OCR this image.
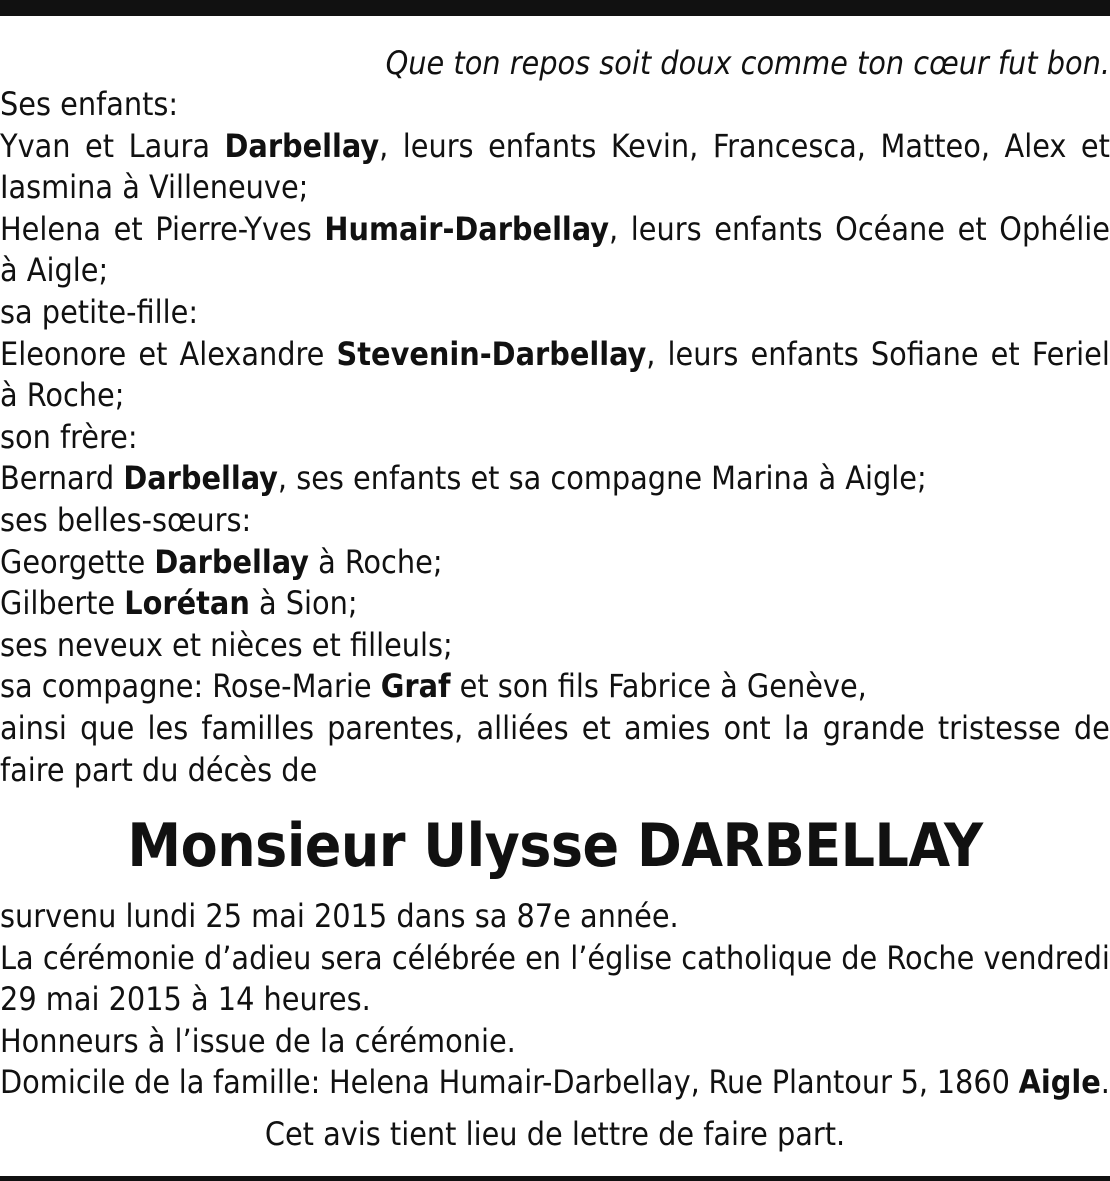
Que ton repos soit doux comme ton cœur fut bon.
Ses enfants:
Yvan et Laura Darbellay, leurs enfants Kevin, Francesca, Matteo, Alex et
Iasmina à Villeneuve;
Helena et Pierre-Yves Humair-Darbellay, leurs enfants Océane et Ophélie
à Aigle;
sa petite-fille:
Eleonore et Alexandre Stevenin-Darbellay, leurs enfants Sofiane et Feriel
à Roche;
son frère:
Bernard Darbellay, ses enfants et sa compagne Marina à Aigle;
ses belles-sœurs:
Georgette Darbellay à Roche;
Gilberte Lorétan à Sion;
ses neveux et nièces et filleuls;
sa compagne: Rose-Marie Graf et son fils Fabrice à Genève,
ainsi que les familles parentes, alliées et amies ont la grande tristesse de
faire part du décès de
Monsieur Ulysse DARBELLAY
survenu lundi 25 mai 2015 dans sa 87e année.
La cérémonie d’adieu sera célébrée en l’église catholique de Roche vendredi
29 mai 2015 à 14 heures.
Honneurs à l’issue de la cérémonie.
Domicile de la famille: Helena Humair-Darbellay, Rue Plantour 5, 1860 Aigle.
Cet avis tient lieu de lettre de faire part.
